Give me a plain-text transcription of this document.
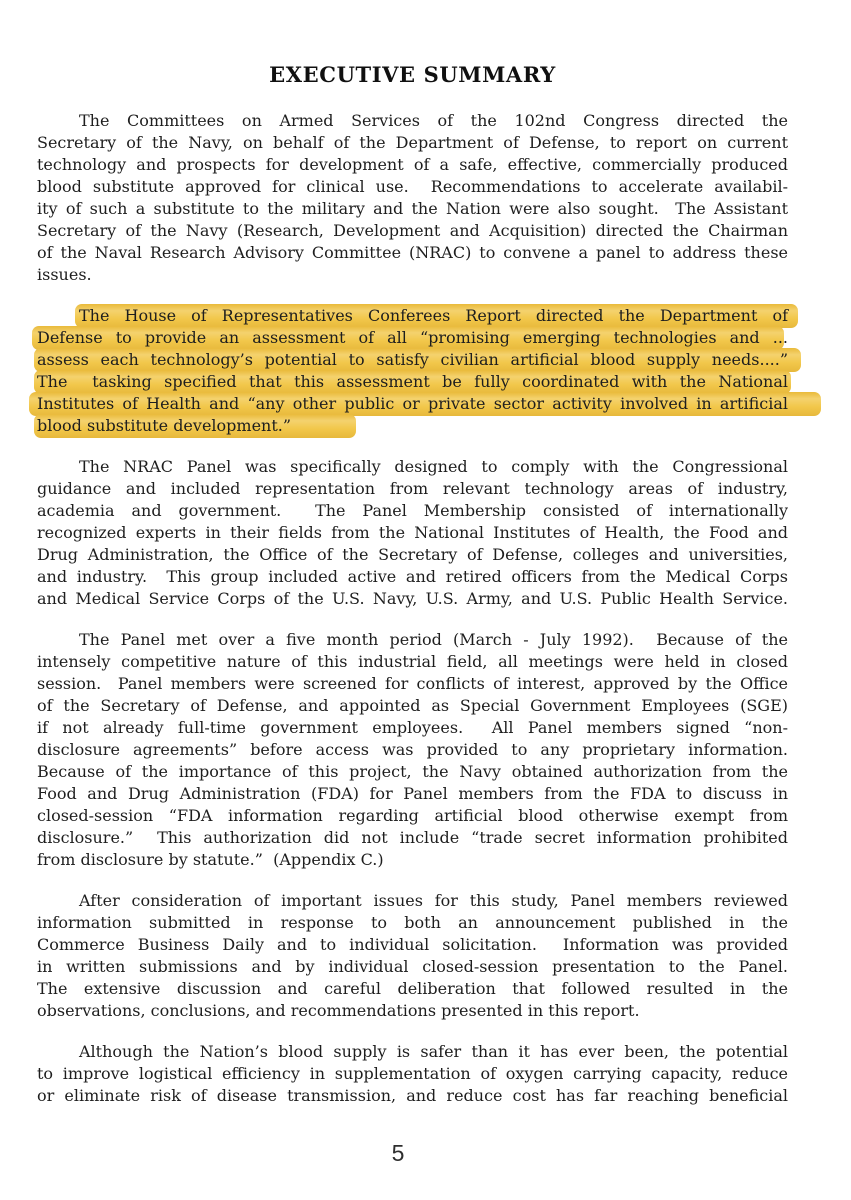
EXECUTIVE SUMMARY
The Committees on Armed Services of the 102nd Congress directed the
Secretary of the Navy, on behalf of the Department of Defense, to report on current
technology and prospects for development of a safe, effective, commercially produced
blood substitute approved for clinical use.  Recommendations to accelerate availabil-
ity of such a substitute to the military and the Nation were also sought.  The Assistant
Secretary of the Navy (Research, Development and Acquisition) directed the Chairman
of the Naval Research Advisory Committee (NRAC) to convene a panel to address these
issues.
The House of Representatives Conferees Report directed the Department of
Defense to provide an assessment of all “promising emerging technologies and ...
assess each technology’s potential to satisfy civilian artificial blood supply needs....”
The  tasking specified that this assessment be fully coordinated with the National
Institutes of Health and “any other public or private sector activity involved in artificial
blood substitute development.”
The NRAC Panel was specifically designed to comply with the Congressional
guidance and included representation from relevant technology areas of industry,
academia and government.  The Panel Membership consisted of internationally
recognized experts in their fields from the National Institutes of Health, the Food and
Drug Administration, the Office of the Secretary of Defense, colleges and universities,
and industry.  This group included active and retired officers from the Medical Corps
and Medical Service Corps of the U.S. Navy, U.S. Army, and U.S. Public Health Service.
The Panel met over a five month period (March - July 1992).  Because of the
intensely competitive nature of this industrial field, all meetings were held in closed
session.  Panel members were screened for conflicts of interest, approved by the Office
of the Secretary of Defense, and appointed as Special Government Employees (SGE)
if not already full-time government employees.  All Panel members signed “non-
disclosure agreements” before access was provided to any proprietary information.
Because of the importance of this project, the Navy obtained authorization from the
Food and Drug Administration (FDA) for Panel members from the FDA to discuss in
closed-session “FDA information regarding artificial blood otherwise exempt from
disclosure.”  This authorization did not include “trade secret information prohibited
from disclosure by statute.”  (Appendix C.)
After consideration of important issues for this study, Panel members reviewed
information submitted in response to both an announcement published in the
Commerce Business Daily and to individual solicitation.  Information was provided
in written submissions and by individual closed-session presentation to the Panel.
The extensive discussion and careful deliberation that followed resulted in the
observations, conclusions, and recommendations presented in this report.
Although the Nation’s blood supply is safer than it has ever been, the potential
to improve logistical efficiency in supplementation of oxygen carrying capacity, reduce
or eliminate risk of disease transmission, and reduce cost has far reaching beneficial
5
